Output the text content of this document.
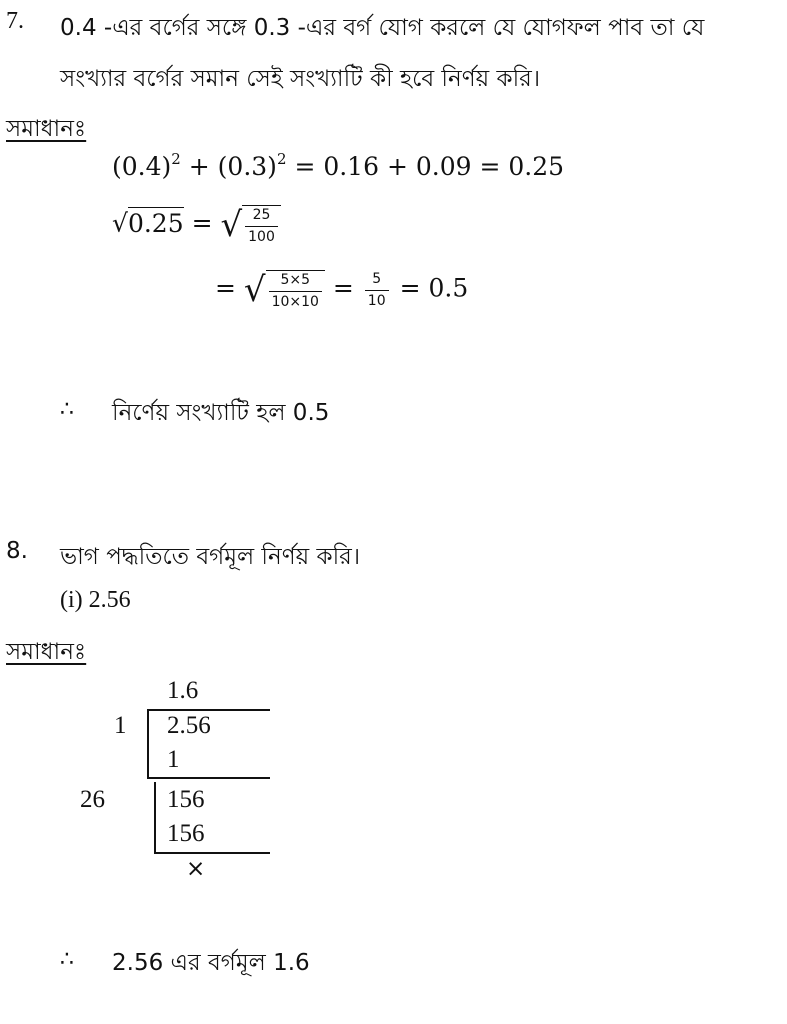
7. 0.4 -এর বর্গের সঙ্গে 0.3 -এর বর্গ যোগ করলে যে যোগফল পাব তা যে
সংখ্যার বর্গের সমান সেই সংখ্যাটি কী হবে নির্ণয় করি।
সমাধানঃ
$(0.4)^2 + (0.3)^2 = 0.16 + 0.09 = 0.25$
√0.25 = √ $\frac{25}{100}$
= √ $\frac{5\times 5}{10\times 10} = \frac{5}{10} = 0.5$
∴ নির্ণেয় সংখ্যাটি হল 0.5
8. ভাগ পদ্ধতিতে বর্গমূল নির্ণয় করি।
(i) 2.56
সমাধানঃ
1.6
1 2.56
1
26 156
156
×
∴ 2.56 এর বর্গমূল 1.6
